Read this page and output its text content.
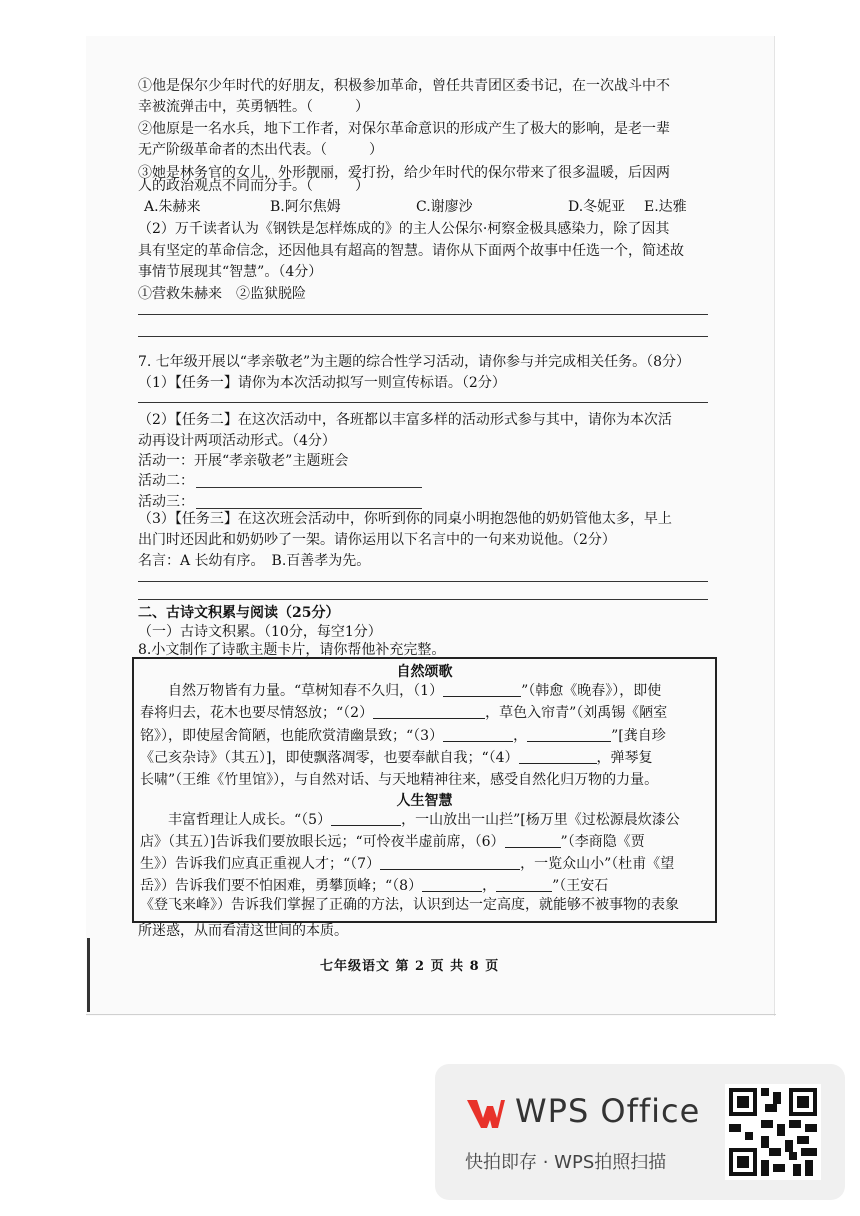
①他是保尔少年时代的好朋友，积极参加革命，曾任共青团区委书记，在一次战斗中不
幸被流弹击中，英勇牺牲。（　　　）
②他原是一名水兵，地下工作者，对保尔革命意识的形成产生了极大的影响，是老一辈
无产阶级革命者的杰出代表。（　　　）
③她是林务官的女儿，外形靓丽，爱打扮，给少年时代的保尔带来了很多温暖，后因两
人的政治观点不同而分手。（　　　）
A.朱赫来	B.阿尔焦姆	C.谢廖沙	D.冬妮亚 E.达雅
（2）万千读者认为《钢铁是怎样炼成的》的主人公保尔·柯察金极具感染力，除了因其
具有坚定的革命信念，还因他具有超高的智慧。请你从下面两个故事中任选一个，简述故
事情节展现其“智慧”。（4分）
①营救朱赫来　②监狱脱险
7. 七年级开展以“孝亲敬老”为主题的综合性学习活动，请你参与并完成相关任务。（8分）
（1）【任务一】请你为本次活动拟写一则宣传标语。（2分）
（2）【任务二】在这次活动中，各班都以丰富多样的活动形式参与其中，请你为本次活
动再设计两项活动形式。（4分）
活动一：开展“孝亲敬老”主题班会
活动二：
活动三：
（3）【任务三】在这次班会活动中，你听到你的同桌小明抱怨他的奶奶管他太多，早上
出门时还因此和奶奶吵了一架。请你运用以下名言中的一句来劝说他。（2分）
名言：A 长幼有序。　B.百善孝为先。
二、古诗文积累与阅读（25分）
（一）古诗文积累。（10分，每空1分）
8.小文制作了诗歌主题卡片，请你帮他补充完整。
自然颂歌
　　自然万物皆有力量。“草树知春不久归，（1）	”（韩愈《晚春》），即使
春将归去，花木也要尽情怒放；“（2）	，草色入帘青”（刘禹锡《陋室
铭》），即使屋舍简陋，也能欣赏清幽景致；“（3）	，	”[龚自珍
《己亥杂诗》（其五）]，即使飘落凋零，也要奉献自我；“（4）	，弹琴复
长啸”（王维《竹里馆》），与自然对话、与天地精神往来，感受自然化归万物的力量。
人生智慧
　　丰富哲理让人成长。“（5）	，一山放出一山拦”[杨万里《过松源晨炊漆公
店》（其五）]告诉我们要放眼长远；“可怜夜半虚前席，（6）	”（李商隐《贾
生》）告诉我们应真正重视人才；“（7）	，一览众山小”（杜甫《望
岳》）告诉我们要不怕困难，勇攀顶峰；“（8）	，	”（王安石
《登飞来峰》）告诉我们掌握了正确的方法，认识到达一定高度，就能够不被事物的表象
所迷惑，从而看清这世间的本质。
七年级语文 第 2 页 共 8 页
WPS Office
快拍即存 · WPS拍照扫描
